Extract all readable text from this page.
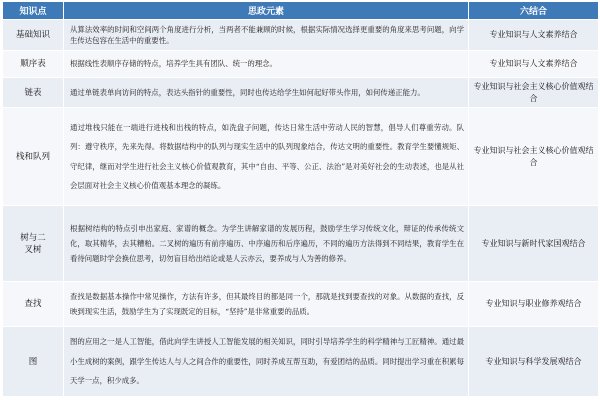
知识点	思政元素	六结合
基础知识	从算法效率的时间和空间两个角度进行分析，当两者不能兼顾的时候，根据实际情况选择更重要的角度来思考问题，向学生传达包容在生活中的重要性。	专业知识与人文素养结合
顺序表	根据线性表顺序存储的特点，培养学生具有团队、统一的理念。	专业知识与人文素养结合
链表	通过单链表单向访问的特点，表达头指针的重要性，同时也传达给学生如何起好带头作用，如何传递正能力。	专业知识与社会主义核心价值观结合
栈和队列	通过堆栈只能在一端进行进栈和出栈的特点，如洗盘子问题，传达日常生活中劳动人民的智慧，倡导人们尊重劳动。队列：遵守秩序，先来先得。将数据结构中的队列与现实生活中的队列现象结合，传达文明的重要性。教育学生要懂规矩、守纪律，继而对学生进行社会主义核心价值观教育，其中“自由、平等、公正、法治”是对美好社会的生动表述，也是从社会层面对社会主义核心价值观基本理念的凝练。	专业知识与社会主义核心价值观结合
树与二叉树	根据树结构的特点引申出家庭、家谱的概念。为学生讲解家谱的发展历程，鼓励学生学习传统文化，辩证的传承传统文化，取其精华，去其糟粕。二叉树的遍历有前序遍历、中序遍历和后序遍历，不同的遍历方法得到不同结果，教育学生在看待问题时学会换位思考，切勿盲目给出结论或是人云亦云，要养成与人为善的修养。	专业知识与新时代家国观结合
查找	查找是数据基本操作中常见操作，方法有许多，但其最终目的都是同一个，那就是找到要查找的对象。从数据的查找，反映到现实生活，鼓励学生为了实现既定的目标，“坚持”是非常重要的品质。	专业知识与职业修养观结合
图	图的应用之一是人工智能，借此向学生讲授人工智能发展的相关知识，同时引导培养学生的科学精神与工匠精神。通过最小生成树的案例，跟学生传达人与人之间合作的重要性，同时养成互帮互助，有爱团结的品质。同时提出学习重在积累每天学一点，积少成多。	专业知识与科学发展观结合
